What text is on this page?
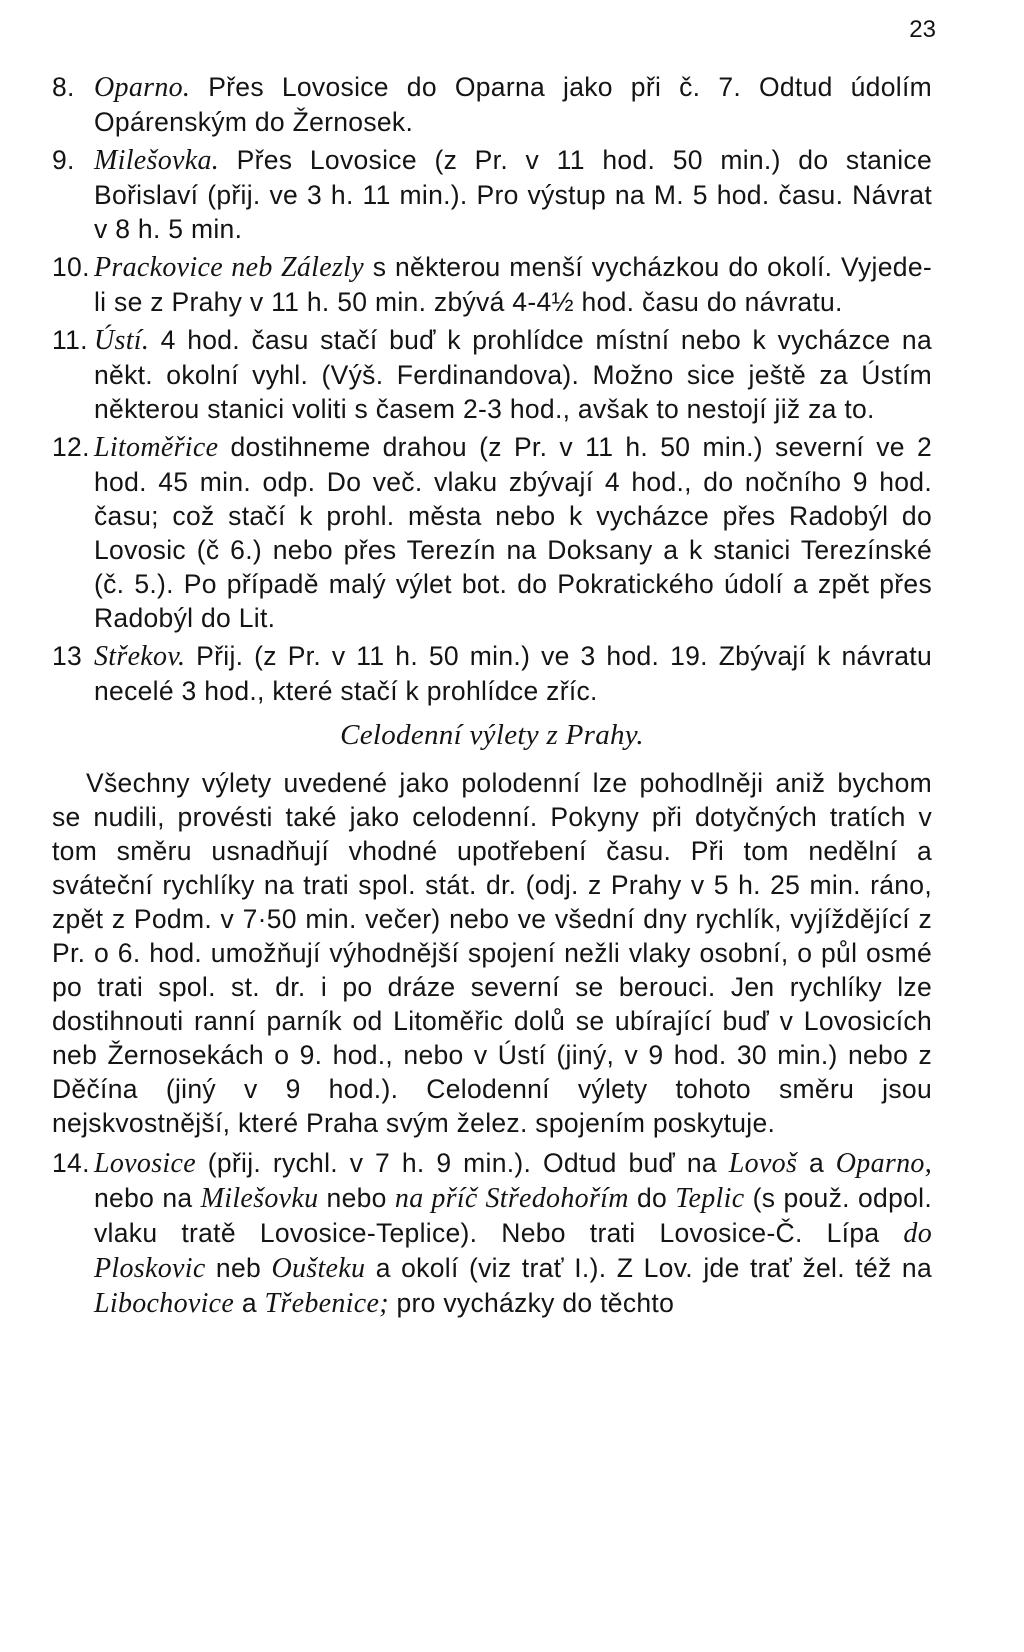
23
8. Oparno. Přes Lovosice do Oparna jako při č. 7. Odtud údolím Opárenským do Žernosek.
9. Milešovka. Přes Lovosice (z Pr. v 11 hod. 50 min.) do stanice Bořislaví (přij. ve 3 h. 11 min.). Pro výstup na M. 5 hod. času. Návrat v 8 h. 5 min.
10. Prackovice neb Zálezly s některou menší vycházkou do okolí. Vyjede-li se z Prahy v 11 h. 50 min. zbývá 4-4½ hod. času do návratu.
11. Ústí. 4 hod. času stačí buď k prohlídce místní nebo k vycházce na někt. okolní vyhl. (Výš. Ferdinandova). Možno sice ještě za Ústím některou stanici voliti s časem 2-3 hod., avšak to nestojí již za to.
12. Litoměřice dostihneme drahou (z Pr. v 11 h. 50 min.) severní ve 2 hod. 45 min. odp. Do več. vlaku zbývají 4 hod., do nočního 9 hod. času; což stačí k prohl. města nebo k vycházce přes Radobýl do Lovosic (č 6.) nebo přes Terezín na Doksany a k stanici Terezínské (č. 5.). Po případě malý výlet bot. do Pokratického údolí a zpět přes Radobýl do Lit.
13 Střekov. Přij. (z Pr. v 11 h. 50 min.) ve 3 hod. 19. Zbývají k návratu necelé 3 hod., které stačí k prohlídce zříc.
Celodenní výlety z Prahy.

Všechny výlety uvedené jako polodenní lze pohodlněji aniž bychom se nudili, provésti také jako celodenní. Pokyny při dotyčných tratích v tom směru usnadňují vhodné upotřebení času. Při tom nedělní a sváteční rychlíky na trati spol. stát. dr. (odj. z Prahy v 5 h. 25 min. ráno, zpět z Podm. v 7·50 min. večer) nebo ve všední dny rychlík, vyjíždějící z Pr. o 6. hod. umožňují výhodnější spojení nežli vlaky osobní, o půl osmé po trati spol. st. dr. i po dráze severní se berouci. Jen rychlíky lze dostihnouti ranní parník od Litoměřic dolů se ubírající buď v Lovosicích neb Žernosekách o 9. hod., nebo v Ústí (jiný, v 9 hod. 30 min.) nebo z Děčína (jiný v 9 hod.). Celodenní výlety tohoto směru jsou nejskvostnější, které Praha svým želez. spojením poskytuje.

14. Lovosice (přij. rychl. v 7 h. 9 min.). Odtud buď na Lovoš a Oparno, nebo na Milešovku nebo na příč Středohořím do Teplic (s použ. odpol. vlaku tratě Lovosice-Teplice). Nebo trati Lovosice-Č. Lípa do Ploskovic neb Oušteku a okolí (viz trať I.). Z Lov. jde trať žel. též na Libochovice a Třebenice; pro vycházky do těchto
